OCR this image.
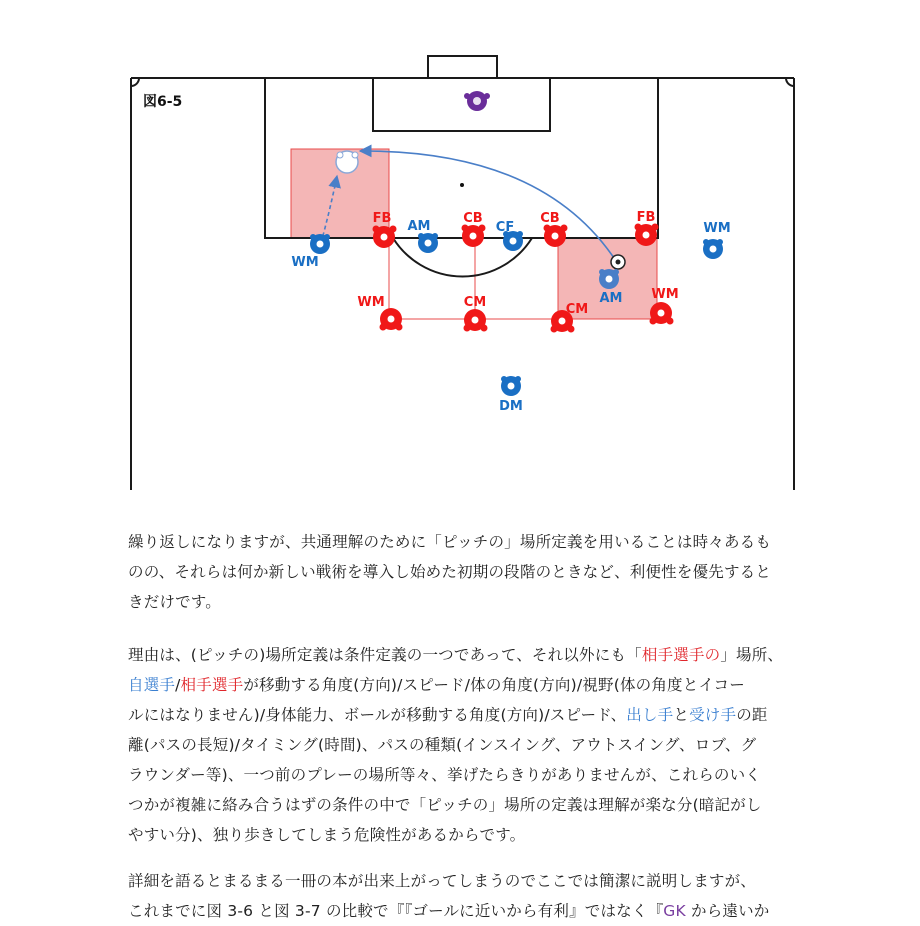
図6-5
FB	CB	CB	FB
WM	CM	CM
WM
WM
AM	CF
AM
WM
DM

繰り返しになりますが、共通理解のために「ピッチの」場所定義を用いることは時々あるも

のの、それらは何か新しい戦術を導入し始めた初期の段階のときなど、利便性を優先すると

きだけです。

理由は、(ピッチの)場所定義は条件定義の一つであって、それ以外にも「相手選手の」場所、

自選手/相手選手が移動する角度(方向)/スピード/体の角度(方向)/視野(体の角度とイコー

ルにはなりません)/身体能力、ボールが移動する角度(方向)/スピード、出し手と受け手の距

離(パスの長短)/タイミング(時間)、パスの種類(インスイング、アウトスイング、ロブ、グ

ラウンダー等)、一つ前のプレーの場所等々、挙げたらきりがありませんが、これらのいく

つかが複雑に絡み合うはずの条件の中で「ピッチの」場所の定義は理解が楽な分(暗記がし

やすい分)、独り歩きしてしまう危険性があるからです。

詳細を語るとまるまる一冊の本が出来上がってしまうのでここでは簡潔に説明しますが、

これまでに図 3-6 と図 3-7 の比較で『『ゴールに近いから有利』ではなく『GK から遠いか
